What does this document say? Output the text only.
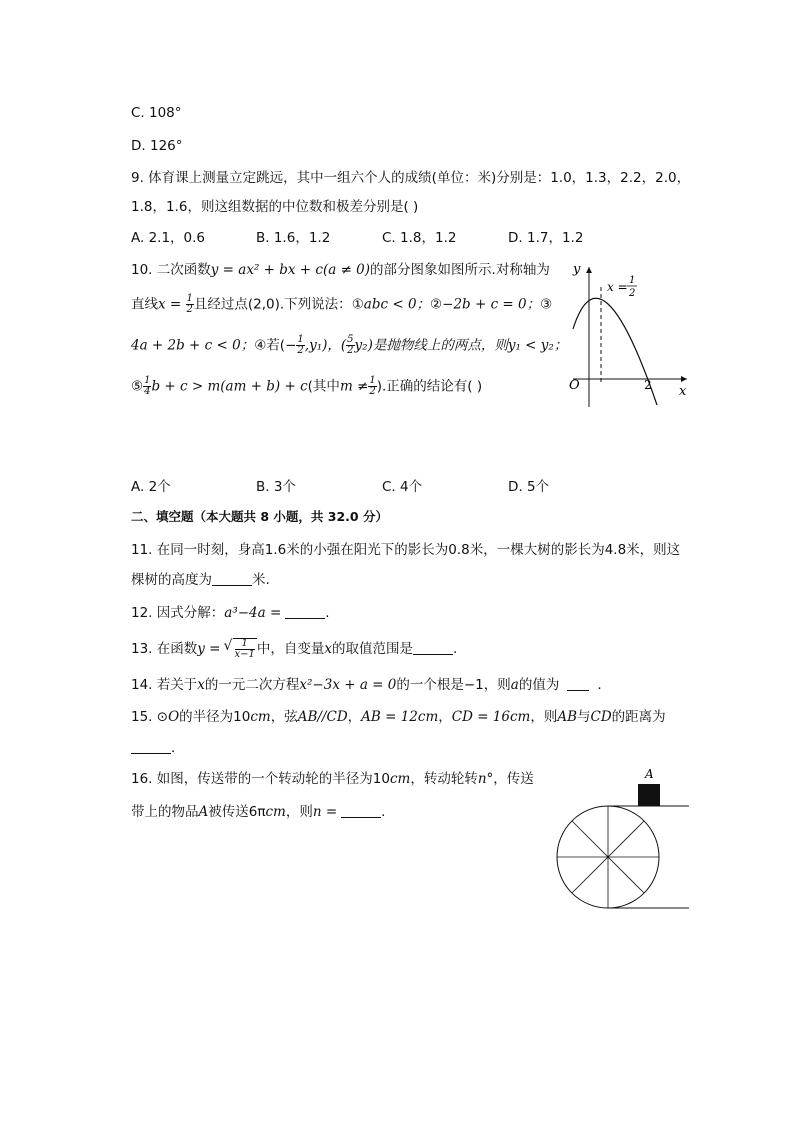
C. 108°
D. 126°
9. 体育课上测量立定跳远，其中一组六个人的成绩(单位：米)分别是：1.0，1.3，2.2，2.0，
1.8，1.6，则这组数据的中位数和极差分别是( )
A. 2.1，0.6	B. 1.6，1.2	C. 1.8，1.2	D. 1.7，1.2
10. 二次函数y = ax² + bx + c(a ≠ 0)的部分图象如图所示.对称轴为
直线$x = \frac{1}{2}$ 且经过点(2,0).下列说法：①abc < 0；②−2b + c = 0；③
4a + 2b + c < 0；④若(− $\frac{1}{2} ,y_1$)，( $\frac{5}{2} y_2$)是抛物线上的两点，则y₁ < y₂；
⑤ $\frac{1}{4}$ b + c > m(am + b) + c(其中$m \ne \frac{1}{2}$ ).正确的结论有( )
y
x
O	2
x = 1
2
A. 2个	B. 3个	C. 4个	D. 5个
二、填空题（本大题共 8 小题，共 32.0 分）
11. 在同一时刻，身高1.6米的小强在阳光下的影长为0.8米，一棵大树的影长为4.8米，则这
棵树的高度为	米.
12. 因式分解：a³−4a =	.
13. 在函数y =
√ $\frac{1}{x-1}$ 中，自变量x的取值范围是	.
14. 若关于x的一元二次方程x²−3x + a = 0的一个根是−1，则a的值为	.
15. ⊙O的半径为10cm，弦AB//CD，AB = 12cm，CD = 16cm，则AB与CD的距离为
.
16. 如图，传送带的一个转动轮的半径为10cm，转动轮转n°，传送
带上的物品A被传送6πcm，则n =	.
A
